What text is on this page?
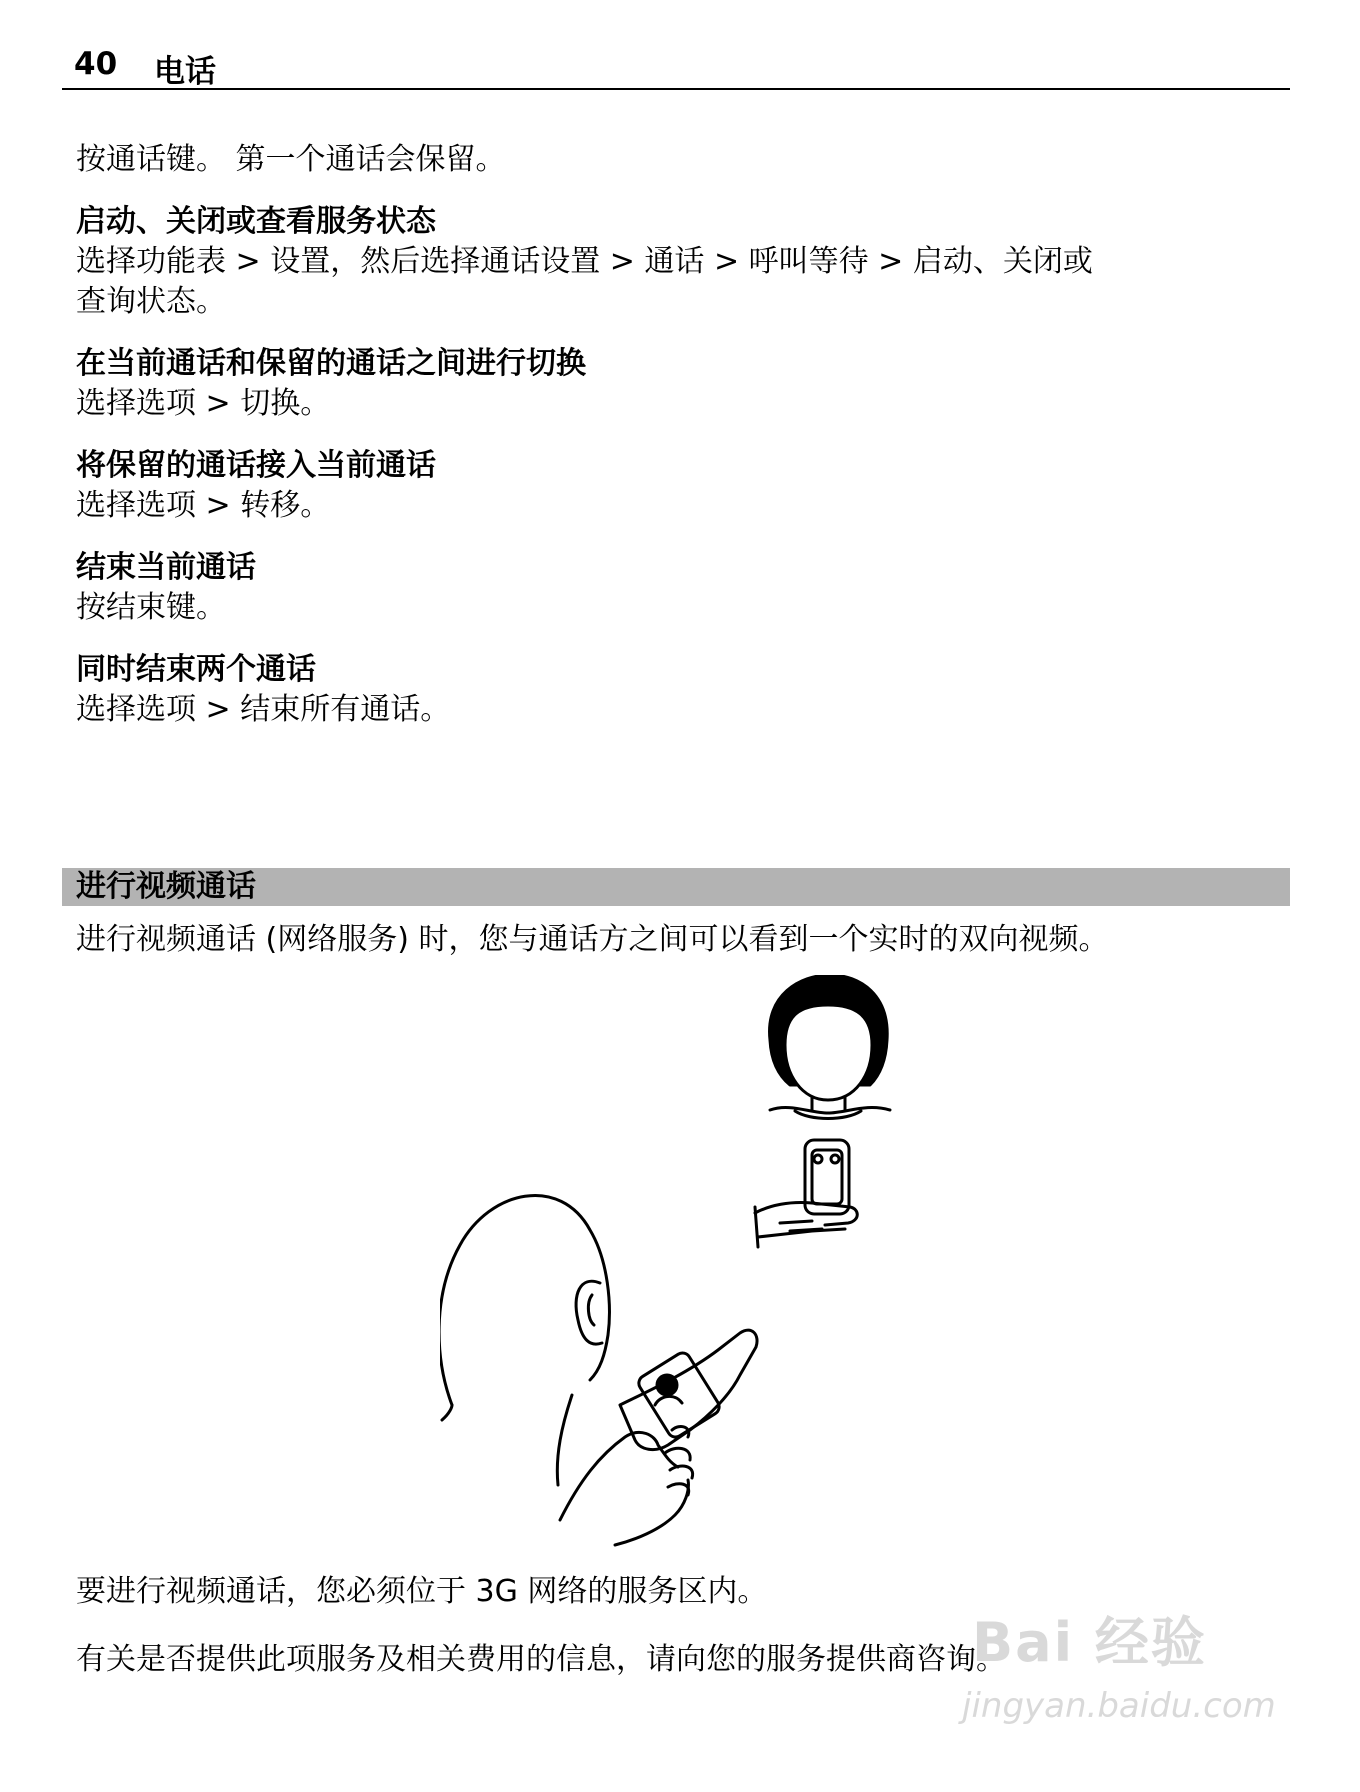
40 电话

按通话键。 第一个通话会保留。

启动、关闭或查看服务状态

选择功能表 > 设置，然后选择通话设置 > 通话 > 呼叫等待 > 启动、关闭或

查询状态。

在当前通话和保留的通话之间进行切换

选择选项 > 切换。

将保留的通话接入当前通话

选择选项 > 转移。

结束当前通话

按结束键。

同时结束两个通话

选择选项 > 结束所有通话。

进行视频通话
进行视频通话 (网络服务) 时，您与通话方之间可以看到一个实时的双向视频。
要进行视频通话，您必须位于 3G 网络的服务区内。
有关是否提供此项服务及相关费用的信息，请向您的服务提供商咨询。
Bai 经验
jingyan.baidu.com
